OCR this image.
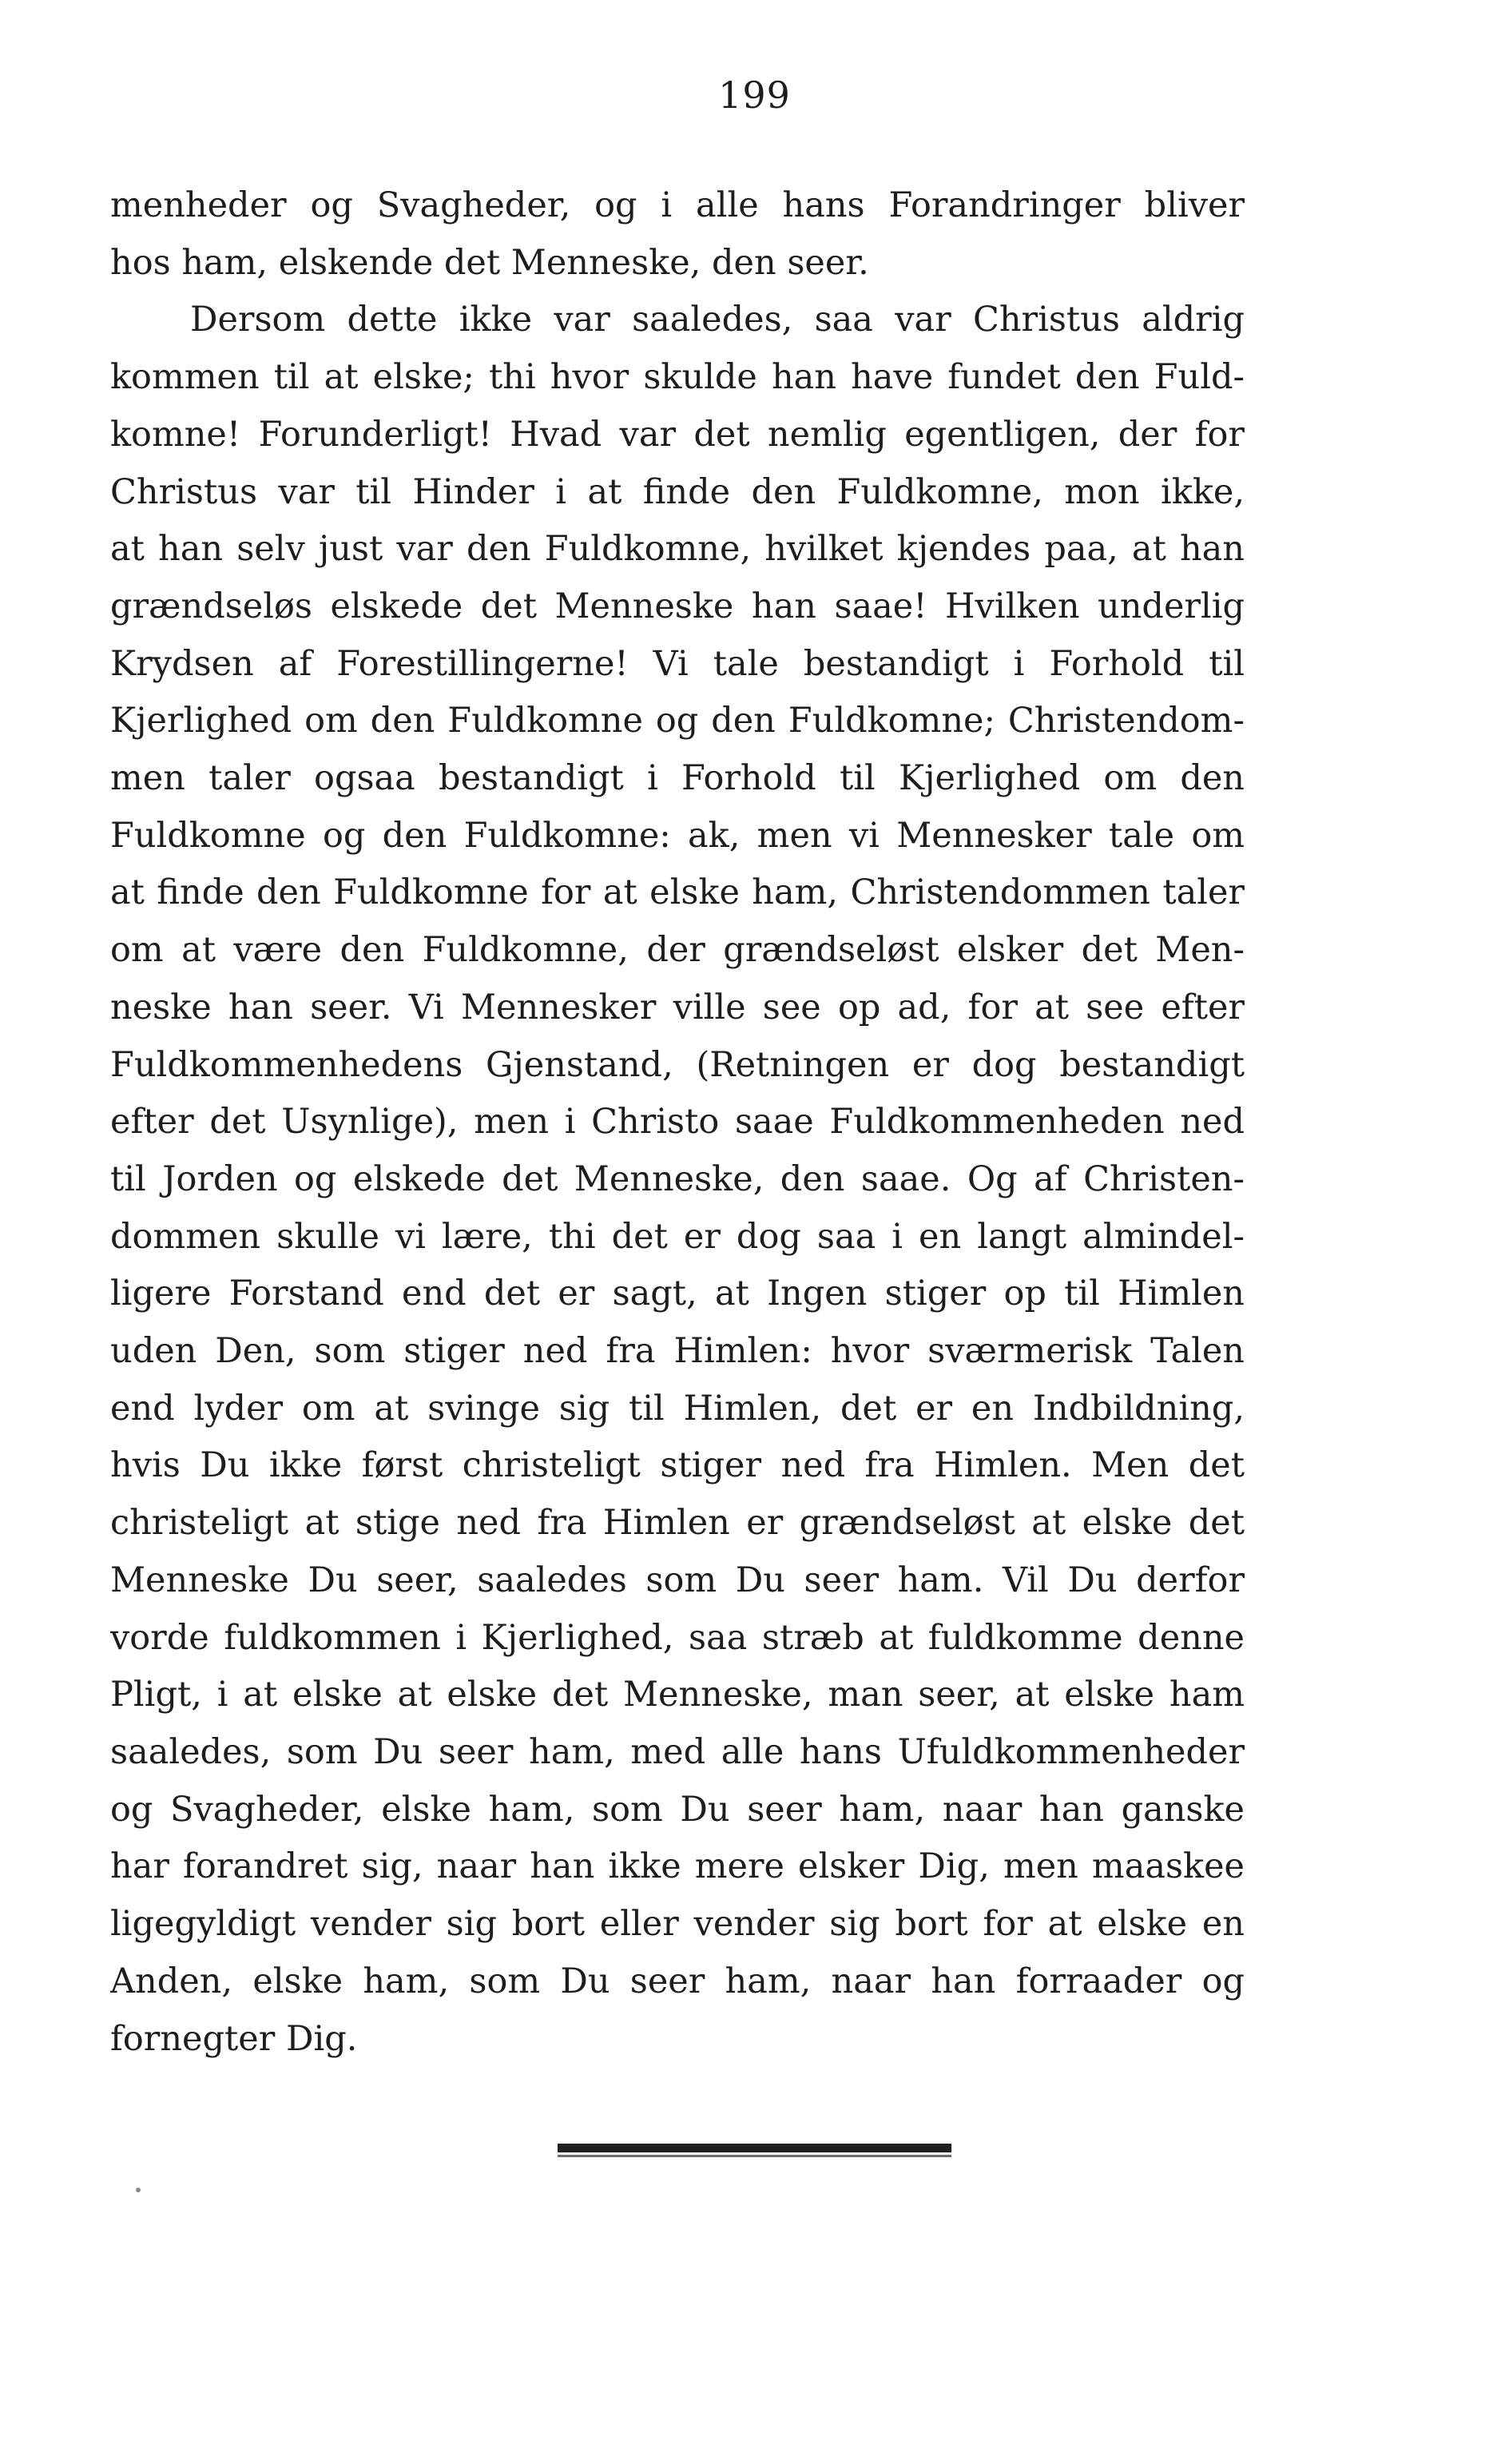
199
menheder og Svagheder, og i alle hans Forandringer bliver
hos ham, elskende det Menneske, den seer.
Dersom dette ikke var saaledes, saa var Christus aldrig
kommen til at elske; thi hvor skulde han have fundet den Fuld-
komne! Forunderligt! Hvad var det nemlig egentligen, der for
Christus var til Hinder i at finde den Fuldkomne, mon ikke,
at han selv just var den Fuldkomne, hvilket kjendes paa, at han
grændseløs elskede det Menneske han saae! Hvilken underlig
Krydsen af Forestillingerne! Vi tale bestandigt i Forhold til
Kjerlighed om den Fuldkomne og den Fuldkomne; Christendom-
men taler ogsaa bestandigt i Forhold til Kjerlighed om den
Fuldkomne og den Fuldkomne: ak, men vi Mennesker tale om
at finde den Fuldkomne for at elske ham, Christendommen taler
om at være den Fuldkomne, der grændseløst elsker det Men-
neske han seer. Vi Mennesker ville see op ad, for at see efter
Fuldkommenhedens Gjenstand, (Retningen er dog bestandigt
efter det Usynlige), men i Christo saae Fuldkommenheden ned
til Jorden og elskede det Menneske, den saae. Og af Christen-
dommen skulle vi lære, thi det er dog saa i en langt almindel-
ligere Forstand end det er sagt, at Ingen stiger op til Himlen
uden Den, som stiger ned fra Himlen: hvor sværmerisk Talen
end lyder om at svinge sig til Himlen, det er en Indbildning,
hvis Du ikke først christeligt stiger ned fra Himlen. Men det
christeligt at stige ned fra Himlen er grændseløst at elske det
Menneske Du seer, saaledes som Du seer ham. Vil Du derfor
vorde fuldkommen i Kjerlighed, saa stræb at fuldkomme denne
Pligt, i at elske at elske det Menneske, man seer, at elske ham
saaledes, som Du seer ham, med alle hans Ufuldkommenheder
og Svagheder, elske ham, som Du seer ham, naar han ganske
har forandret sig, naar han ikke mere elsker Dig, men maaskee
ligegyldigt vender sig bort eller vender sig bort for at elske en
Anden, elske ham, som Du seer ham, naar han forraader og
fornegter Dig.
